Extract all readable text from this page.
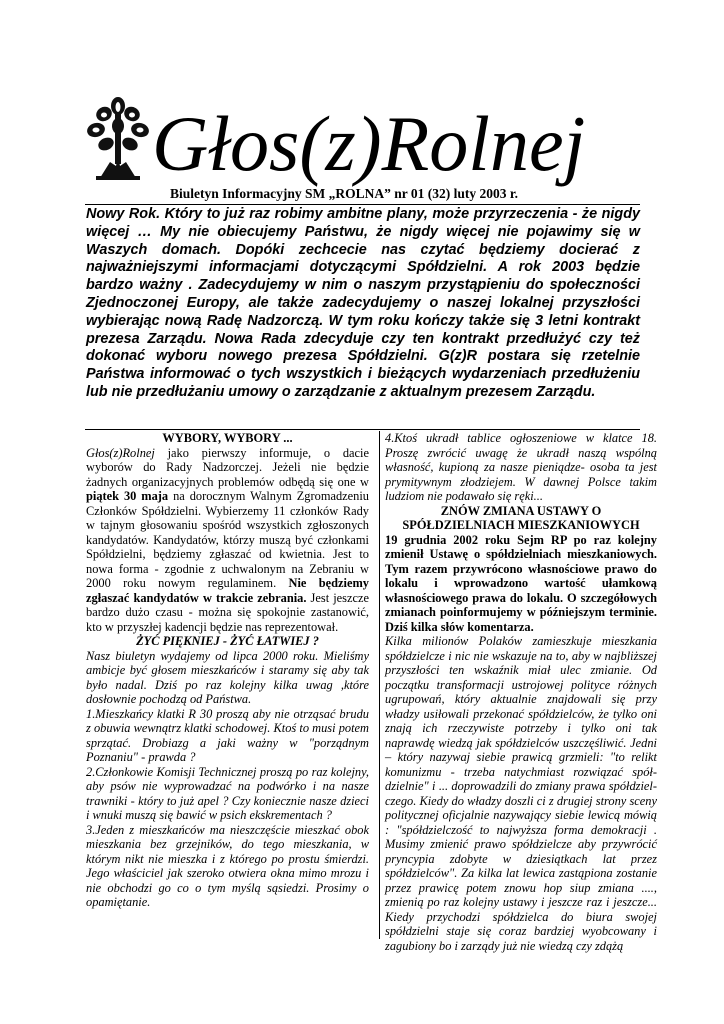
Głos(z)Rolnej
Biuletyn Informacyjny SM „ROLNA” nr 01 (32) luty 2003 r.
Nowy Rok. Który to już raz robimy ambitne plany, może przyrzeczenia - że nigdy więcej … My nie obiecujemy Państwu, że nigdy więcej nie pojawimy się w Waszych domach. Dopóki zechcecie nas czytać będziemy docierać z najważniejszymi informacjami dotyczącymi Spółdzielni. A rok 2003 będzie bardzo ważny . Zadecydujemy w nim o naszym przystąpieniu do społeczności Zjednoczonej Europy, ale także zadecydujemy o naszej lokalnej przyszłości wybierając nową Radę Nadzorczą. W tym roku kończy także się 3 letni kontrakt prezesa Zarządu. Nowa Rada zdecyduje czy ten kontrakt przedłużyć czy też dokonać wyboru nowego prezesa Spółdzielni. G(z)R postara się rzetelnie Państwa informować o tych wszystkich i bieżących wydarzeniach przedłużeniu lub nie przedłużaniu umowy o zarządzanie z aktualnym prezesem Zarządu.

WYBORY, WYBORY ...

Głos(z)Rolnej jako pierwszy informuje, o dacie wyborów do Rady Nadzorczej. Jeżeli nie będzie żadnych organizacyjnych problemów odbędą się one w piątek 30 maja na dorocznym Walnym Zgromadzeniu Członków Spółdzielni. Wybierzemy 11 członków Rady w tajnym głosowaniu spośród wszystkich zgłoszonych kandydatów. Kandydatów, którzy muszą być członkami Spółdzielni, będziemy zgłaszać od kwietnia. Jest to nowa forma - zgodnie z uchwalonym na Zebraniu w 2000 roku nowym regulaminem. Nie będziemy zgłaszać kandydatów w trakcie zebrania. Jest jeszcze bardzo dużo czasu - można się spokojnie zastanowić, kto w przyszłej kadencji będzie nas reprezentował.

ŻYĆ PIĘKNIEJ - ŻYĆ ŁATWIEJ ?

Nasz biuletyn wydajemy od lipca 2000 roku. Mieliśmy ambicje być głosem mieszkańców i staramy się aby tak było nadal. Dziś po raz kolejny kilka uwag ,które dosłownie pochodzą od Państwa.

1.Mieszkańcy klatki R 30 proszą aby nie otrząsać brudu z obuwia wewnątrz klatki schodowej. Ktoś to musi potem sprzątać. Drobiazg a jaki ważny w "porządnym Poznaniu" - prawda ?

2.Członkowie Komisji Technicznej proszą po raz kolejny, aby psów nie wyprowadzać na podwórko i na nasze trawniki - który to już apel ? Czy koniecznie nasze dzieci i wnuki muszą się bawić w psich ekskrementach ?

3.Jeden z mieszkańców ma nieszczęście mieszkać obok mieszkania bez grzejników, do tego mieszkania, w którym nikt nie mieszka i z którego po prostu śmierdzi. Jego właściciel jak szeroko otwiera okna mimo mrozu i nie obchodzi go co o tym myślą sąsiedzi. Prosimy o opamiętanie.

4.Ktoś ukradł tablice ogłoszeniowe w klatce 18. Proszę zwrócić uwagę że ukradł naszą wspólną własność, kupioną za nasze pieniądze- osoba ta jest prymitywnym złodziejem. W dawnej Polsce takim ludziom nie podawało się ręki...

ZNÓW ZMIANA USTAWY O SPÓŁDZIELNIACH MIESZKANIOWYCH

19 grudnia 2002 roku Sejm RP po raz kolejny zmienił Ustawę o spółdzielniach mieszkaniowych. Tym razem przywrócono własnościowe prawo do lokalu i wprowadzono wartość ułamkową własnościowego prawa do lokalu. O szczegółowych zmianach poinformujemy w późniejszym terminie. Dziś kilka słów komentarza.

Kilka milionów Polaków zamieszkuje mieszkania spółdzielcze i nic nie wskazuje na to, aby w najbliższej przyszłości ten wskaźnik miał ulec zmianie. Od początku transformacji ustrojowej polityce różnych ugrupowań, który aktualnie znajdowali się przy władzy usiłowali przekonać spółdzielców, że tylko oni znają ich rzeczywiste potrzeby i tylko oni tak naprawdę wiedzą jak spółdzielców uszczęśliwić. Jedni – który nazywaj siebie prawicą grzmieli: "to relikt komunizmu - trzeba natychmiast rozwiązać spół-dzielnie" i ... doprowadzili do zmiany prawa spółdziel-czego. Kiedy do władzy doszli ci z drugiej strony sceny politycznej oficjalnie nazywający siebie lewicą mówią : "spółdzielczość to najwyższa forma demokracji . Musimy zmienić prawo spółdzielcze aby przywrócić pryncypia zdobyte w dziesiątkach lat przez spółdzielców". Za kilka lat lewica zastąpiona zostanie przez prawicę potem znowu hop siup zmiana ...., zmienią po raz kolejny ustawy i jeszcze raz i jeszcze... Kiedy przychodzi spółdzielca do biura swojej spółdzielni staje się coraz bardziej wyobcowany i zagubiony bo i zarządy już nie wiedzą czy zdążą
